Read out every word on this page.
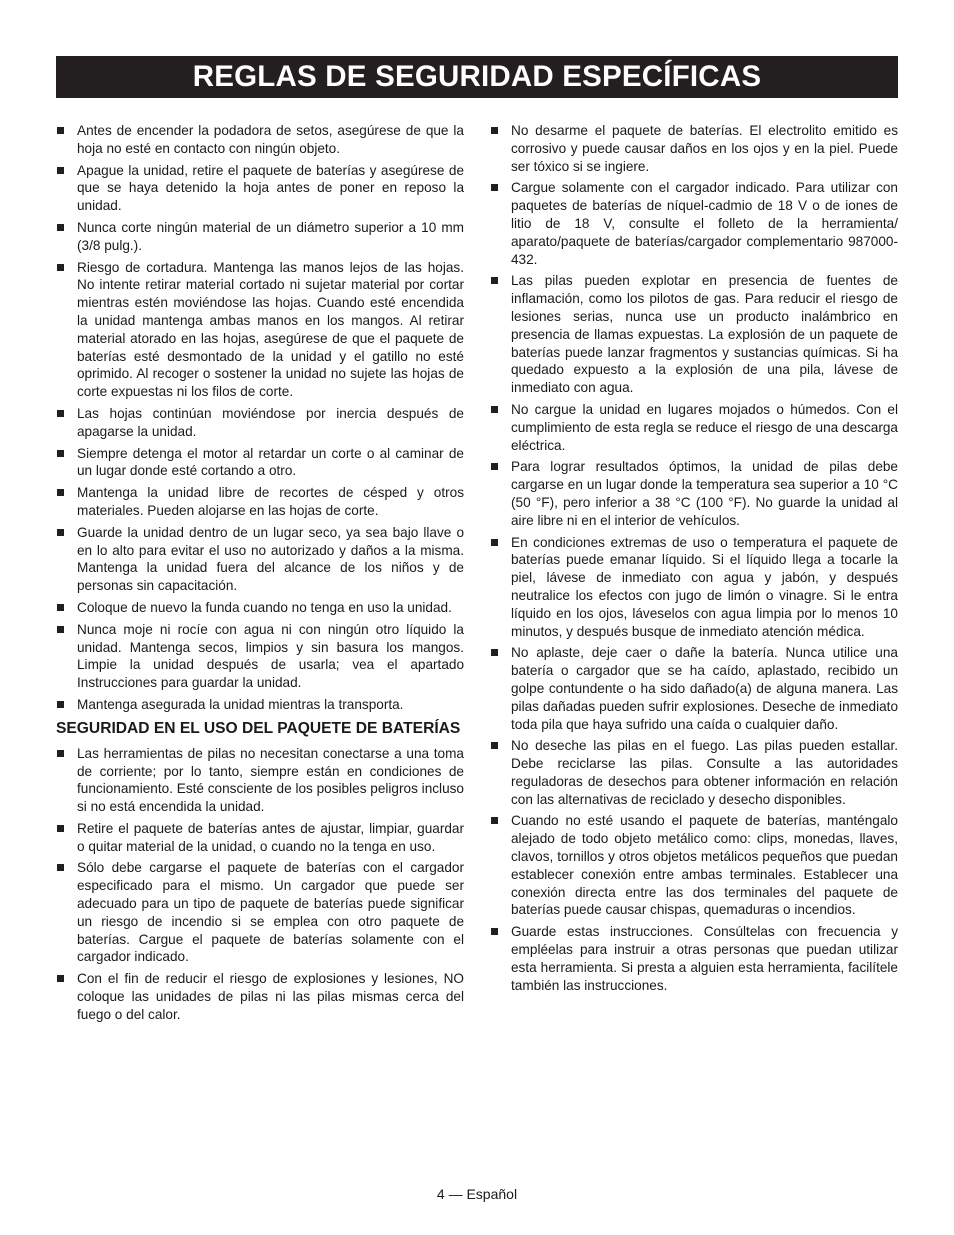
REGLAS DE SEGURIDAD ESPECÍFICAS
Antes de encender la podadora de setos, asegúrese de que la hoja no esté en contacto con ningún objeto.
Apague la unidad, retire el paquete de baterías y asegúrese de que se haya detenido la hoja antes de poner en reposo la unidad.
Nunca corte ningún material de un diámetro superior a 10 mm (3/8 pulg.).
Riesgo de cortadura. Mantenga las manos lejos de las hojas. No intente retirar material cortado ni sujetar material por cortar mientras estén moviéndose las hojas. Cuando esté encendida la unidad mantenga ambas manos en los mangos. Al retirar material atorado en las hojas, asegúrese de que el paquete de baterías esté desmontado de la unidad y el gatillo no esté oprimido. Al recoger o sostener la unidad no sujete las hojas de corte expuestas ni los filos de corte.
Las hojas continúan moviéndose por inercia después de apagarse la unidad.
Siempre detenga el motor al retardar un corte o al caminar de un lugar donde esté cortando a otro.
Mantenga la unidad libre de recortes de césped y otros materiales. Pueden alojarse en las hojas de corte.
Guarde la unidad dentro de un lugar seco, ya sea bajo llave o en lo alto para evitar el uso no autorizado y daños a la misma. Mantenga la unidad fuera del alcance de los niños y de personas sin capacitación.
Coloque de nuevo la funda cuando no tenga en uso la unidad.
Nunca moje ni rocíe con agua ni con ningún otro líquido la unidad. Mantenga secos, limpios y sin basura los mangos. Limpie la unidad después de usarla; vea el apartado Instrucciones para guardar la unidad.
Mantenga asegurada la unidad mientras la transporta.
SEGURIDAD EN EL USO DEL PAQUETE DE BATERÍAS
Las herramientas de pilas no necesitan conectarse a una toma de corriente; por lo tanto, siempre están en condiciones de funcionamiento. Esté consciente de los posibles peligros incluso si no está encendida la unidad.
Retire el paquete de baterías antes de ajustar, limpiar, guardar o quitar material de la unidad, o cuando no la tenga en uso.
Sólo debe cargarse el paquete de baterías con el cargador especificado para el mismo. Un cargador que puede ser adecuado para un tipo de paquete de baterías puede significar un riesgo de incendio si se emplea con otro paquete de baterías. Cargue el paquete de baterías solamente con el cargador indicado.
Con el fin de reducir el riesgo de explosiones y lesiones, NO coloque las unidades de pilas ni las pilas mismas cerca del fuego o del calor.
No desarme el paquete de baterías. El electrolito emitido es corrosivo y puede causar daños en los ojos y en la piel. Puede ser tóxico si se ingiere.
Cargue solamente con el cargador indicado. Para utilizar con paquetes de baterías de níquel-cadmio de 18 V o de iones de litio de 18 V, consulte el folleto de la herramienta/ aparato/paquete de baterías/cargador complementario 987000-432.
Las pilas pueden explotar en presencia de fuentes de inflamación, como los pilotos de gas. Para reducir el riesgo de lesiones serias, nunca use un producto inalámbrico en presencia de llamas expuestas. La explosión de un paquete de baterías puede lanzar fragmentos y sustancias químicas. Si ha quedado expuesto a la explosión de una pila, lávese de inmediato con agua.
No cargue la unidad en lugares mojados o húmedos. Con el cumplimiento de esta regla se reduce el riesgo de una descarga eléctrica.
Para lograr resultados óptimos, la unidad de pilas debe cargarse en un lugar donde la temperatura sea superior a 10 °C (50 °F), pero inferior a 38 °C (100 °F). No guarde la unidad al aire libre ni en el interior de vehículos.
En condiciones extremas de uso o temperatura el paquete de baterías puede emanar líquido. Si el líquido llega a tocarle la piel, lávese de inmediato con agua y jabón, y después neutralice los efectos con jugo de limón o vinagre. Si le entra líquido en los ojos, láveselos con agua limpia por lo menos 10 minutos, y después busque de inmediato atención médica.
No aplaste, deje caer o dañe la batería. Nunca utilice una batería o cargador que se ha caído, aplastado, recibido un golpe contundente o ha sido dañado(a) de alguna manera. Las pilas dañadas pueden sufrir explosiones. Deseche de inmediato toda pila que haya sufrido una caída o cualquier daño.
No deseche las pilas en el fuego. Las pilas pueden estallar. Debe reciclarse las pilas. Consulte a las autoridades reguladoras de desechos para obtener información en relación con las alternativas de reciclado y desecho disponibles.
Cuando no esté usando el paquete de baterías, manténgalo alejado de todo objeto metálico como: clips, monedas, llaves, clavos, tornillos y otros objetos metálicos pequeños que puedan establecer conexión entre ambas terminales. Establecer una conexión directa entre las dos terminales del paquete de baterías puede causar chispas, quemaduras o incendios.
Guarde estas instrucciones. Consúltelas con frecuencia y empléelas para instruir a otras personas que puedan utilizar esta herramienta. Si presta a alguien esta herramienta, facilítele también las instrucciones.
4 — Español
